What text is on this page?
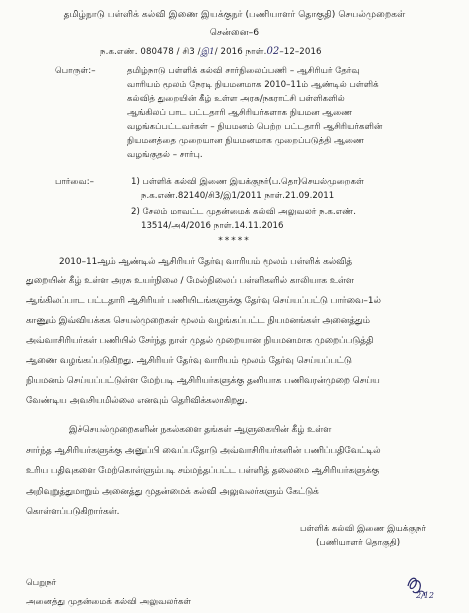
தமிழ்நாடு பள்ளிக் கல்வி இணை இயக்குநர் (பணியாளர் தொகுதி) செயல்முறைகள்
சென்னை–6
ந.க.எண். 080478 / சி3 /இ1/ 2016 நாள்.02–12–2016
பொருள்:–	தமிழ்நாடு பள்ளிக் கல்வி சார்நிலைப்பணி – ஆசிரியர் தேர்வு
வாரியம் மூலம் நேரடி நியமனமாக 2010–11ம் ஆண்டில் பள்ளிக்
கல்வித் துறையின் கீழ் உள்ள அரசு/நகராட்சி பள்ளிகளில்
ஆங்கிலப் பாட பட்டதாரி ஆசிரியர்களாக நியமன ஆணை
வழங்கப்பட்டவர்கள் – நியமனம் பெற்ற பட்டதாரி ஆசிரியர்களின்
நியமனத்தை முறையான நியமனமாக முறைப்படுத்தி ஆணை
வழங்குதல் – சார்பு.
பார்வை:–	1) பள்ளிக் கல்வி இணை இயக்குநர்(ப.தொ)செயல்முறைகள்
ந.க.எண்.82140/சி3/இ1/2011 நாள்.21.09.2011
2) சேலம் மாவட்ட முதன்மைக் கல்வி அலுவலர் ந.க.எண்.
13514/அ4/2016 நாள்.14.11.2016
*****
2010–11ஆம் ஆண்டில் ஆசிரியர் தேர்வு வாரியம் மூலம் பள்ளிக் கல்வித்
துறையின் கீழ் உள்ள அரசு உயர்நிலை / மேல்நிலைப் பள்ளிகளில் காலியாக உள்ள
ஆங்கிலப்பாட பட்டதாரி ஆசிரியர் பணியிடங்களுக்கு தேர்வு செய்யப்பட்டு பார்வை–1ல்
காணும் இவ்வியக்கக செயல்முறைகள் மூலம் வழங்கப்பட்ட நியமனங்கள் அனைத்தும்
அவ்வாசிரியர்கள் பணியில் சேர்ந்த நாள் முதல் முறையான நியமனமாக முறைப்படுத்தி
ஆணை வழங்கப்படுகிறது. ஆசிரியர் தேர்வு வாரியம் மூலம் தேர்வு செய்யப்பட்டு
நியமனம் செய்யப்பட்டுள்ள மேற்படி ஆசிரியர்களுக்கு தனியாக பணிவரன்முறை செய்ய
வேண்டிய அவசியமில்லை எனவும் தெரிவிக்கலாகிறது.
இச்செயல்முறைகளின் நகல்களை தங்கள் ஆளுகையின் கீழ் உள்ள
சார்ந்த ஆசிரியர்களுக்கு அனுப்பி வைப்பதோடு அவ்வாசிரியர்களின் பணிப்பதிவேட்டில்
உரிய பதிவுகளை மேற்கொள்ளும்படி சம்மந்தப்பட்ட பள்ளித் தலைமை ஆசிரியர்களுக்கு
அறிவுறுத்துமாறும் அனைத்து முதன்மைக் கல்வி அலுவலர்களும் கேட்டுக்
கொள்ளப்படுகிறார்கள்.
பள்ளிக் கல்வி இணை இயக்குநர்
(பணியாளர் தொகுதி)
2/12
பெறுநர்
அனைத்து முதன்மைக் கல்வி அலுவலர்கள்
